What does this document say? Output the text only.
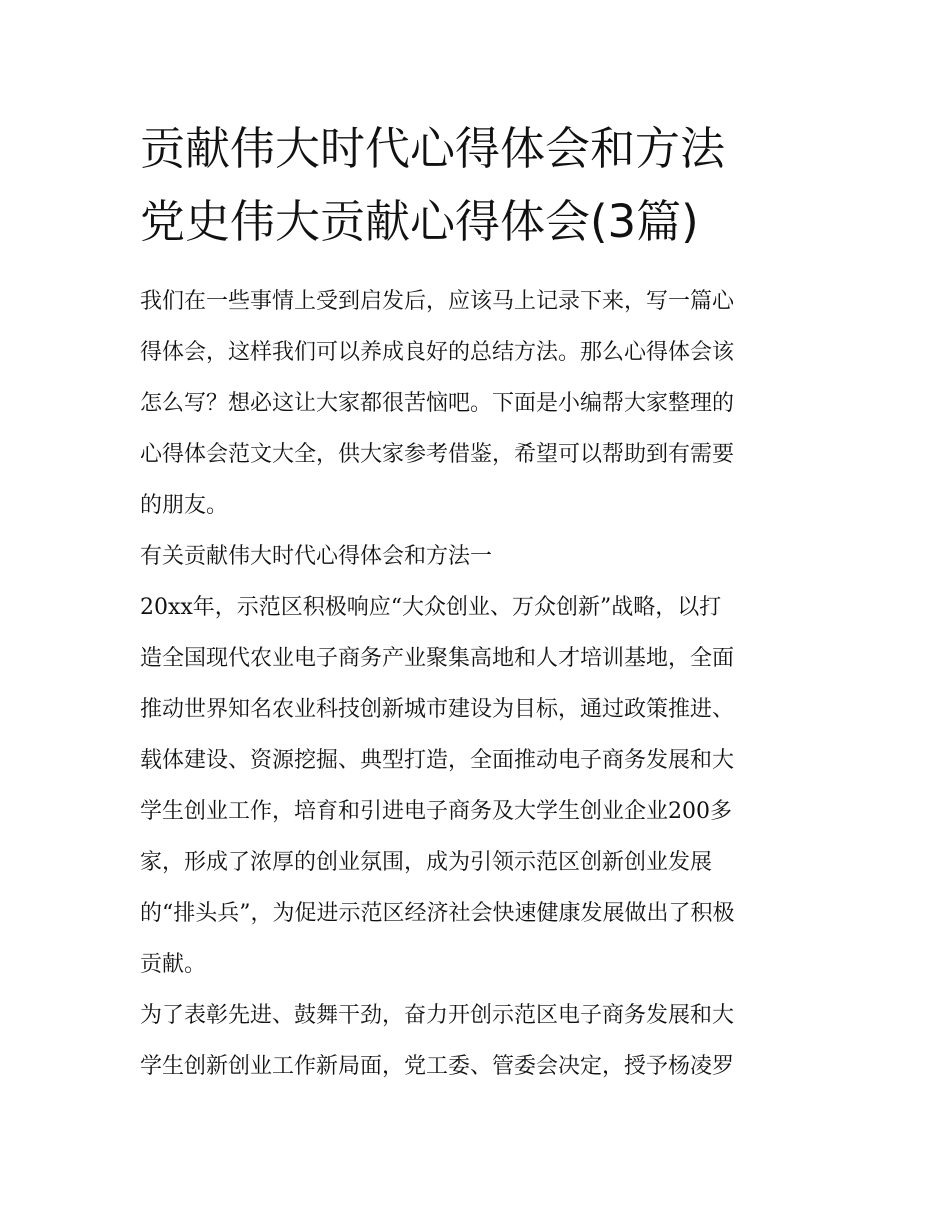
贡献伟大时代心得体会和方法
党史伟大贡献心得体会(3篇)
我们在一些事情上受到启发后，应该马上记录下来，写一篇心
得体会，这样我们可以养成良好的总结方法。那么心得体会该
怎么写？想必这让大家都很苦恼吧。下面是小编帮大家整理的
心得体会范文大全，供大家参考借鉴，希望可以帮助到有需要
的朋友。
有关贡献伟大时代心得体会和方法一
20xx年，示范区积极响应“大众创业、万众创新”战略，以打
造全国现代农业电子商务产业聚集高地和人才培训基地，全面
推动世界知名农业科技创新城市建设为目标，通过政策推进、
载体建设、资源挖掘、典型打造，全面推动电子商务发展和大
学生创业工作，培育和引进电子商务及大学生创业企业200多
家，形成了浓厚的创业氛围，成为引领示范区创新创业发展
的“排头兵”，为促进示范区经济社会快速健康发展做出了积极
贡献。
为了表彰先进、鼓舞干劲，奋力开创示范区电子商务发展和大
学生创新创业工作新局面，党工委、管委会决定，授予杨凌罗
